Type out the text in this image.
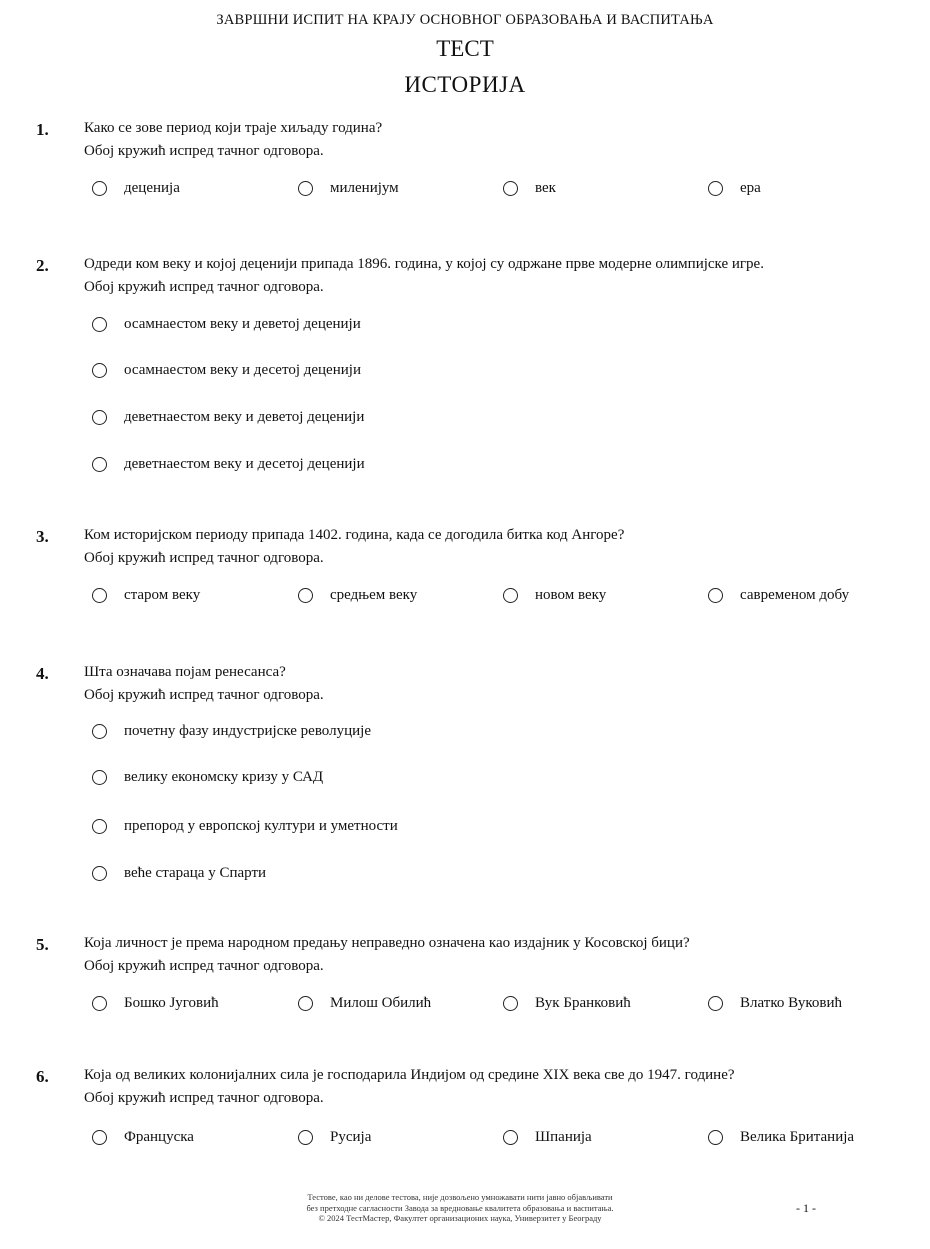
ЗАВРШНИ ИСПИТ НА КРАЈУ ОСНОВНОГ ОБРАЗОВАЊА И ВАСПИТАЊА
ТЕСТ
ИСТОРИЈА
1. Како се зове период који траје хиљаду година?
Обој кружић испред тачног одговора.
деценија	миленијум	век	ера
2. Одреди ком веку и којој деценији припада 1896. година, у којој су одржане прве модерне олимпијске игре.
Обој кружић испред тачног одговора.
осамнаестом веку и деветој деценији
осамнаестом веку и десетој деценији
деветнаестом веку и деветој деценији
деветнаестом веку и десетој деценији
3. Ком историјском периоду припада 1402. година, када се догодила битка код Ангоре?
Обој кружић испред тачног одговора.
старом веку	средњем веку	новом веку	савременом добу
4. Шта означава појам ренесанса?
Обој кружић испред тачног одговора.
почетну фазу индустријске револуције
велику економску кризу у САД
препород у европској култури и уметности
веће стараца у Спарти
5. Која личност је према народном предању неправедно означена као издајник у Косовској бици?
Обој кружић испред тачног одговора.
Бошко Југовић	Милош Обилић	Вук Бранковић	Влатко Вуковић
6. Која од великих колонијалних сила је господарила Индијом од средине XIX века све до 1947. године?
Обој кружић испред тачног одговора.
Француска	Русија	Шпанија	Велика Британија
Тестове, као ни делове тестова, није дозвољено умножавати нити јавно објављивати
без претходне сагласности Завода за вредновање квалитета образовања и васпитања.
© 2024 ТестМастер, Факултет организационих наука, Универзитет у Београду
- 1 -
